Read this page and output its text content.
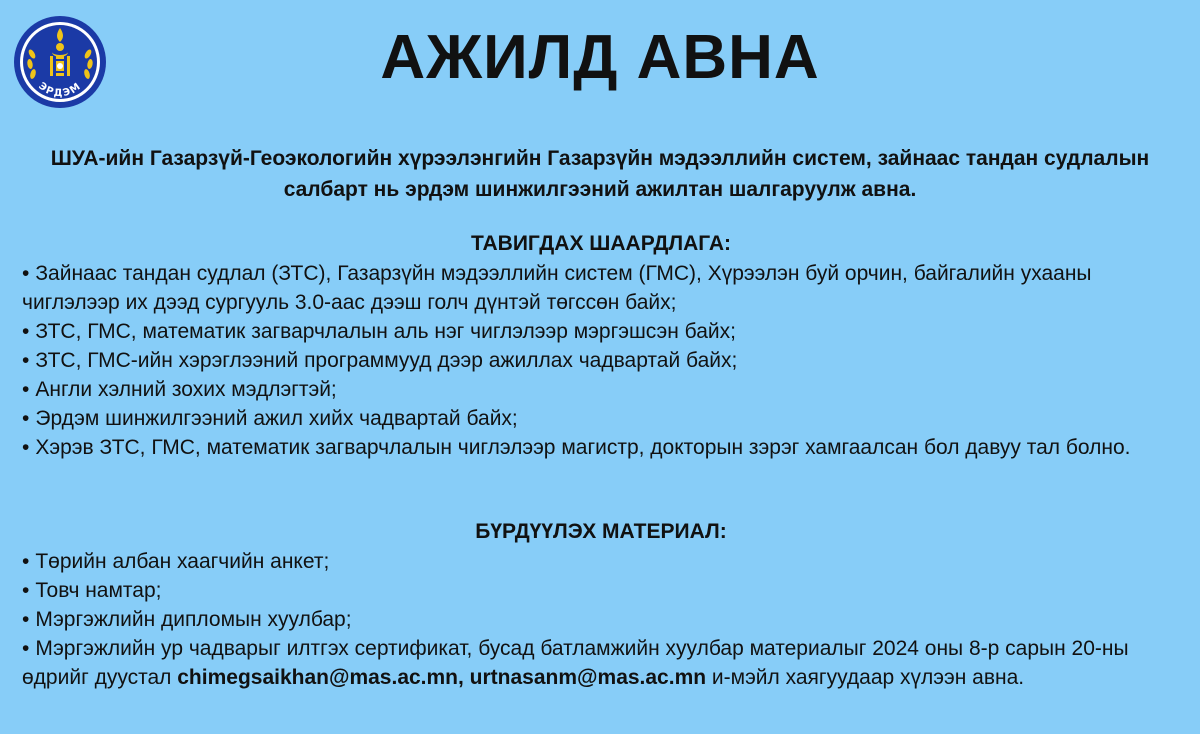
ЭРДЭМ	АЖИЛД АВНА

ШУА-ийн Газарзүй-Геоэкологийн хүрээлэнгийн Газарзүйн мэдээллийн систем, зайнаас тандан судлалын салбарт нь эрдэм шинжилгээний ажилтан шалгаруулж авна.

ТАВИГДАХ ШААРДЛАГА:
• Зайнаас тандан судлал (ЗТС), Газарзүйн мэдээллийн систем (ГМС), Хүрээлэн буй орчин, байгалийн ухааны чиглэлээр их дээд сургууль 3.0-аас дээш голч дүнтэй төгссөн байх;
• ЗТС, ГМС, математик загварчлалын аль нэг чиглэлээр мэргэшсэн байх;
• ЗТС, ГМС-ийн хэрэглээний программууд дээр ажиллах чадвартай байх;
• Англи хэлний зохих мэдлэгтэй;
• Эрдэм шинжилгээний ажил хийх чадвартай байх;
• Хэрэв ЗТС, ГМС, математик загварчлалын чиглэлээр магистр, докторын зэрэг хамгаалсан бол давуу тал болно.
БҮРДҮҮЛЭХ МАТЕРИАЛ:
• Төрийн албан хаагчийн анкет;
• Товч намтар;
• Мэргэжлийн дипломын хуулбар;
• Мэргэжлийн ур чадварыг илтгэх сертификат, бусад батламжийн хуулбар материалыг 2024 оны 8-р сарын 20-ны өдрийг дуустал chimegsaikhan@mas.ac.mn, urtnasanm@mas.ac.mn и-мэйл хаягуудаар хүлээн авна.
